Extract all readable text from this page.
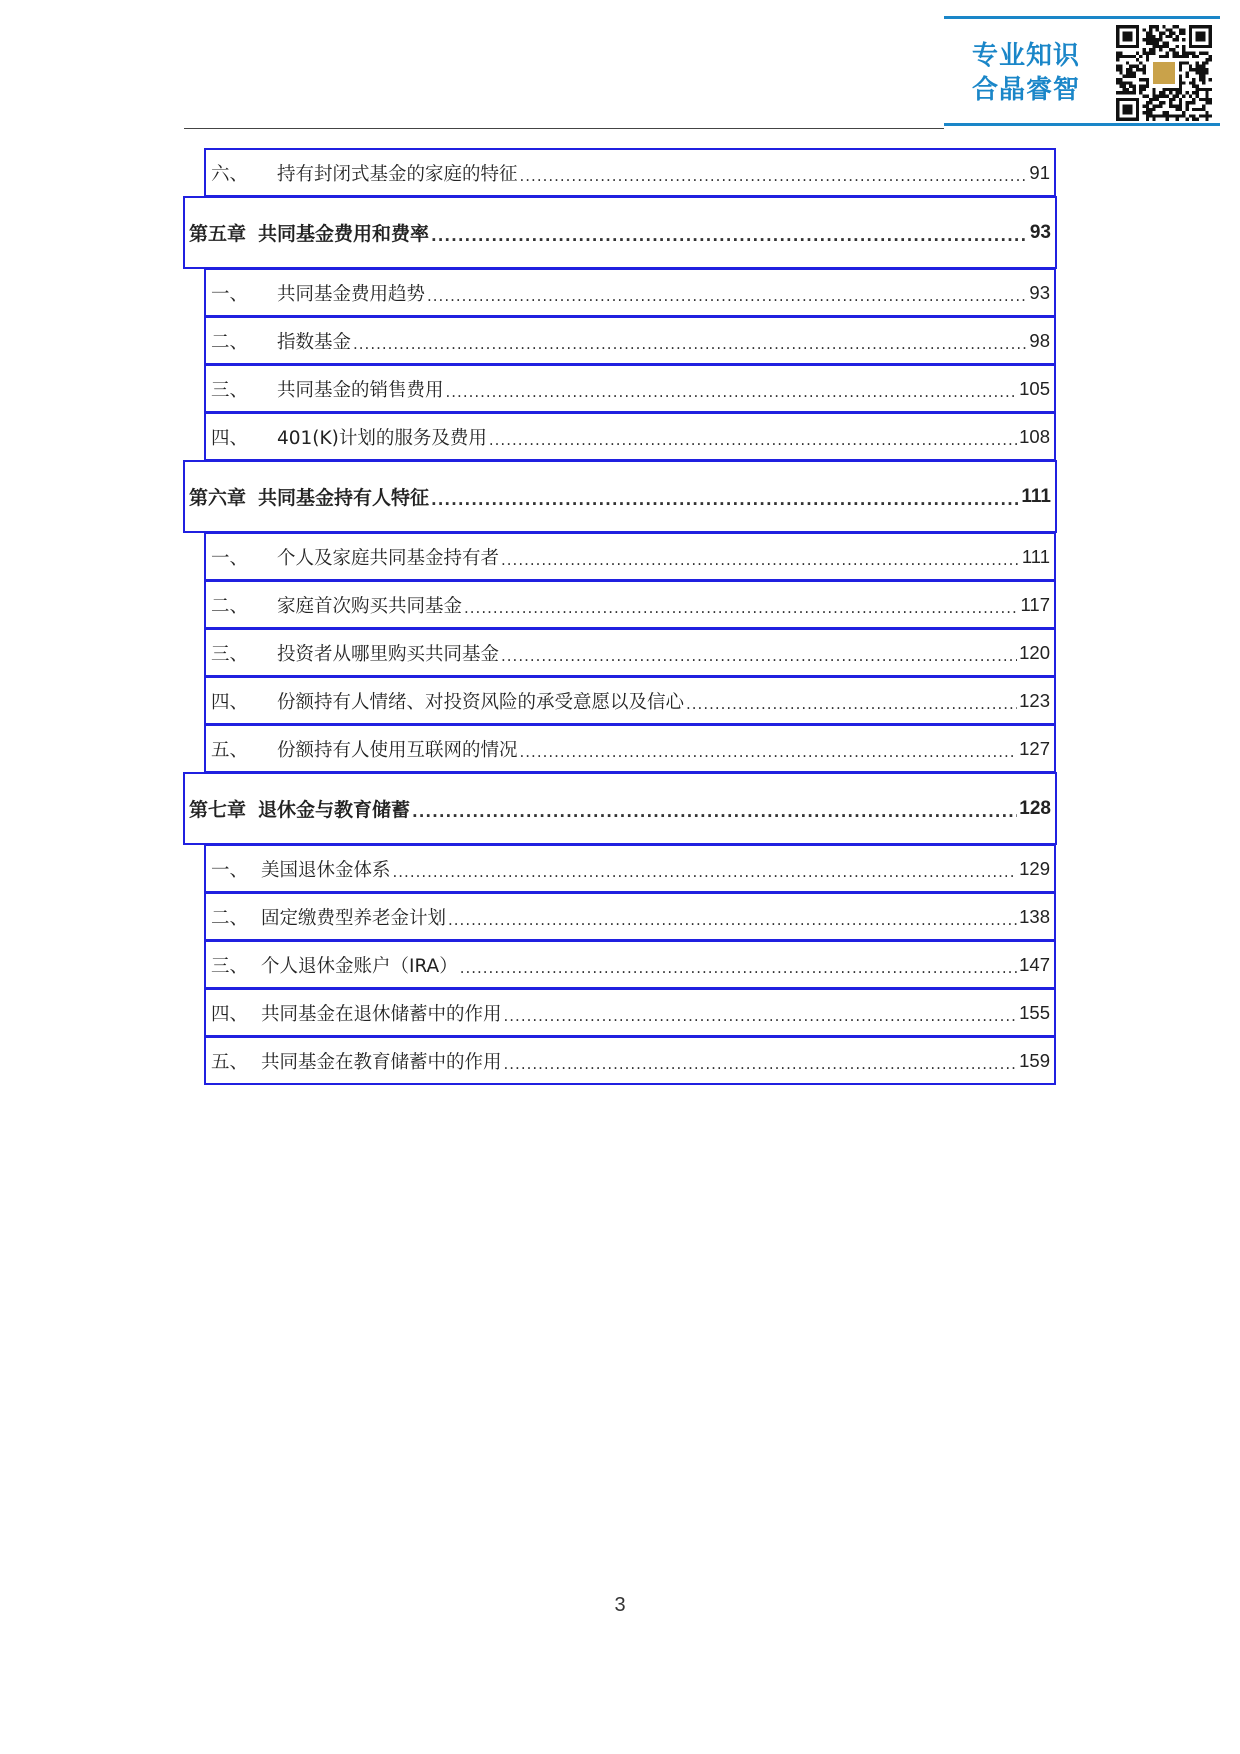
专业知识
合晶睿智
六、	持有封闭式基金的家庭的特征 .....	91
第五章 共同基金费用和费率 .....	93
一、	共同基金费用趋势 .....	93
二、	指数基金 .....	98
三、	共同基金的销售费用 .....	105
四、	401(K)计划的服务及费用 .....	108
第六章 共同基金持有人特征 .....	111
一、	个人及家庭共同基金持有者 .....	111
二、	家庭首次购买共同基金 .....	117
三、	投资者从哪里购买共同基金 .....	120
四、	份额持有人情绪、对投资风险的承受意愿以及信心 .....	123
五、	份额持有人使用互联网的情况 .....	127
第七章 退休金与教育储蓄 .....	128
一、 美国退休金体系 .....	129
二、 固定缴费型养老金计划 .....	138
三、 个人退休金账户（IRA） .....	147
四、 共同基金在退休储蓄中的作用 .....	155
五、 共同基金在教育储蓄中的作用 .....	159
3
